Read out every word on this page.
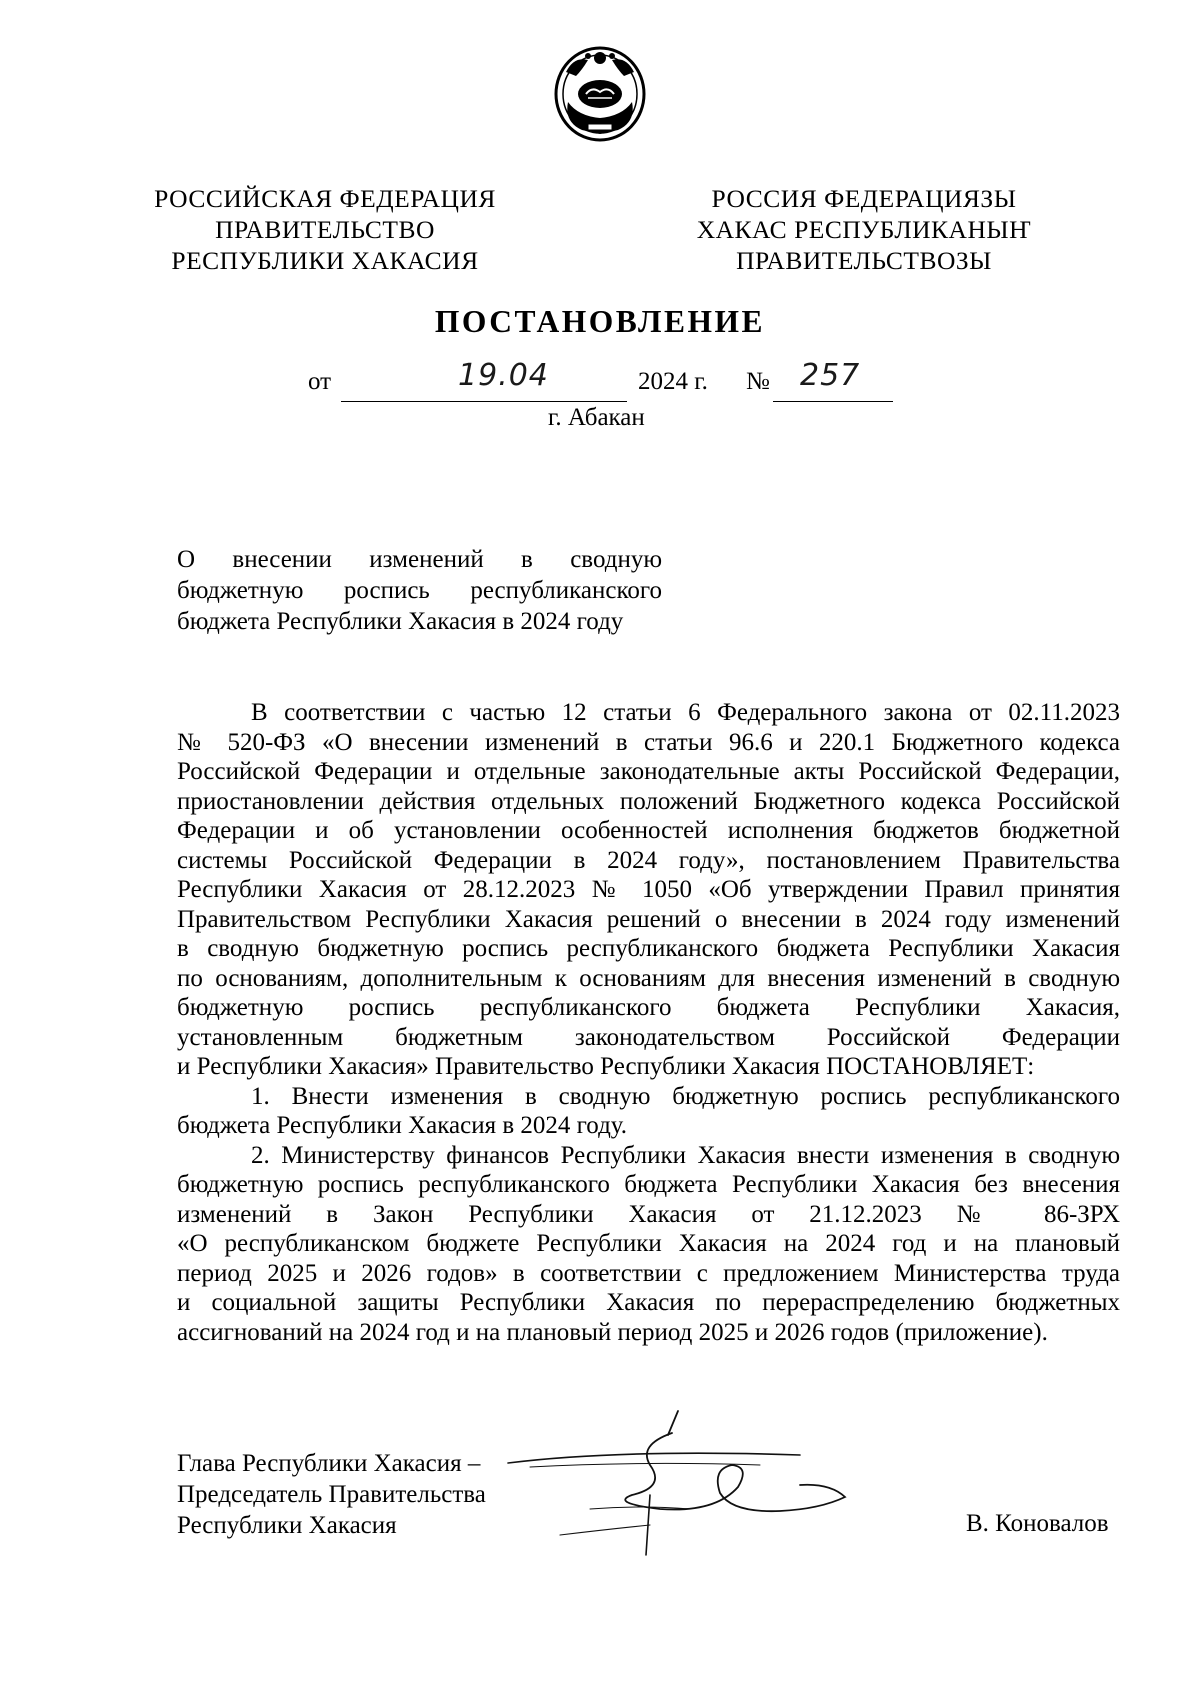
РОССИЙСКАЯ ФЕДЕРАЦИЯ
ПРАВИТЕЛЬСТВО
РЕСПУБЛИКИ ХАКАСИЯ
РОССИЯ ФЕДЕРАЦИЯЗЫ
ХАКАС РЕСПУБЛИКАНЫҤ
ПРАВИТЕЛЬСТВОЗЫ
ПОСТАНОВЛЕНИЕ
от	19.04	2024 г. № 257
г. Абакан
О внесении изменений в сводную
бюджетную роспись республиканского
бюджета Республики Хакасия в 2024 году
В соответствии с частью 12 статьи 6 Федерального закона от 02.11.2023
№ 520-ФЗ «О внесении изменений в статьи 96.6 и 220.1 Бюджетного кодекса
Российской Федерации и отдельные законодательные акты Российской Федерации,
приостановлении действия отдельных положений Бюджетного кодекса Российской
Федерации и об установлении особенностей исполнения бюджетов бюджетной
системы Российской Федерации в 2024 году», постановлением Правительства
Республики Хакасия от 28.12.2023 № 1050 «Об утверждении Правил принятия
Правительством Республики Хакасия решений о внесении в 2024 году изменений
в сводную бюджетную роспись республиканского бюджета Республики Хакасия
по основаниям, дополнительным к основаниям для внесения изменений в сводную
бюджетную роспись республиканского бюджета Республики Хакасия,
установленным бюджетным законодательством Российской Федерации
и Республики Хакасия» Правительство Республики Хакасия ПОСТАНОВЛЯЕТ:
1. Внести изменения в сводную бюджетную роспись республиканского
бюджета Республики Хакасия в 2024 году.
2. Министерству финансов Республики Хакасия внести изменения в сводную
бюджетную роспись республиканского бюджета Республики Хакасия без внесения
изменений в Закон Республики Хакасия от 21.12.2023 № 86-ЗРХ
«О республиканском бюджете Республики Хакасия на 2024 год и на плановый
период 2025 и 2026 годов» в соответствии с предложением Министерства труда
и социальной защиты Республики Хакасия по перераспределению бюджетных
ассигнований на 2024 год и на плановый период 2025 и 2026 годов (приложение).
Глава Республики Хакасия –
Председатель Правительства
Республики Хакасия	В. Коновалов
